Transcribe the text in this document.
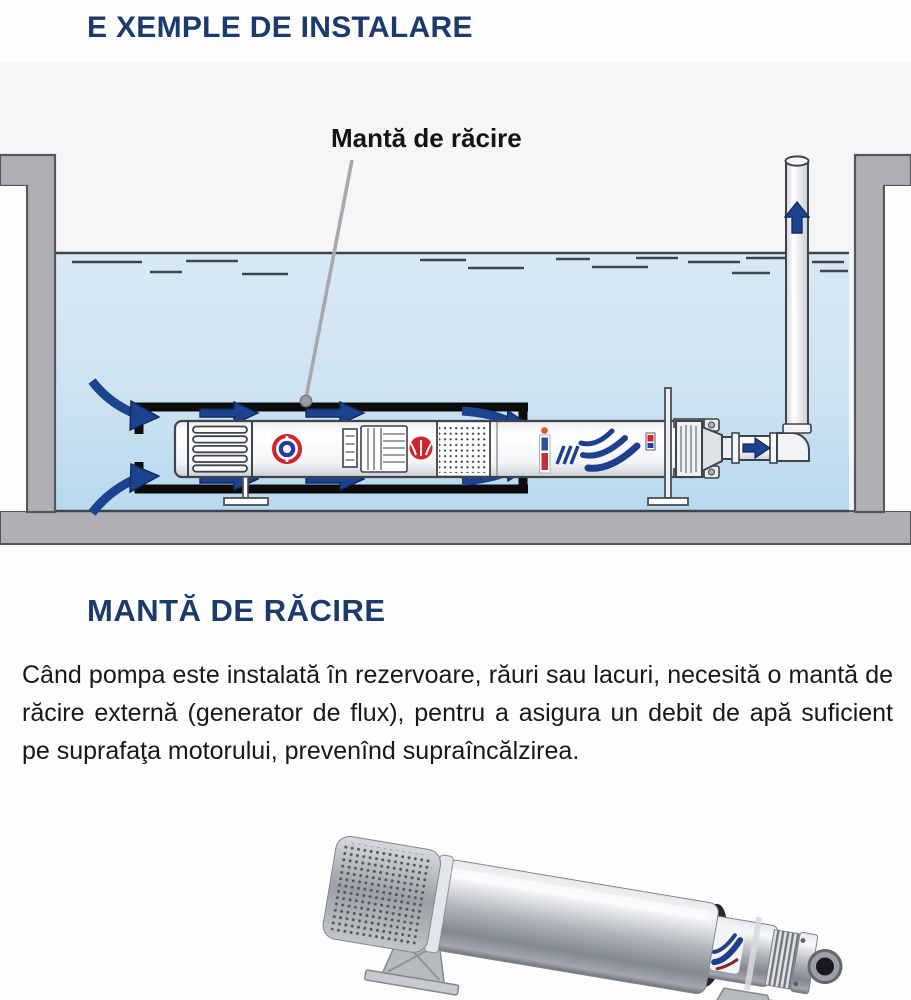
E XEMPLE DE INSTALARE
Mantă de răcire
MANTĂ DE RĂCIRE

Când pompa este instalată în rezervoare, răuri sau lacuri, necesită o mantă de răcire externă (generator de flux), pentru a asigura un debit de apă suficient pe suprafaţa motorului, prevenînd supraîncălzirea.
